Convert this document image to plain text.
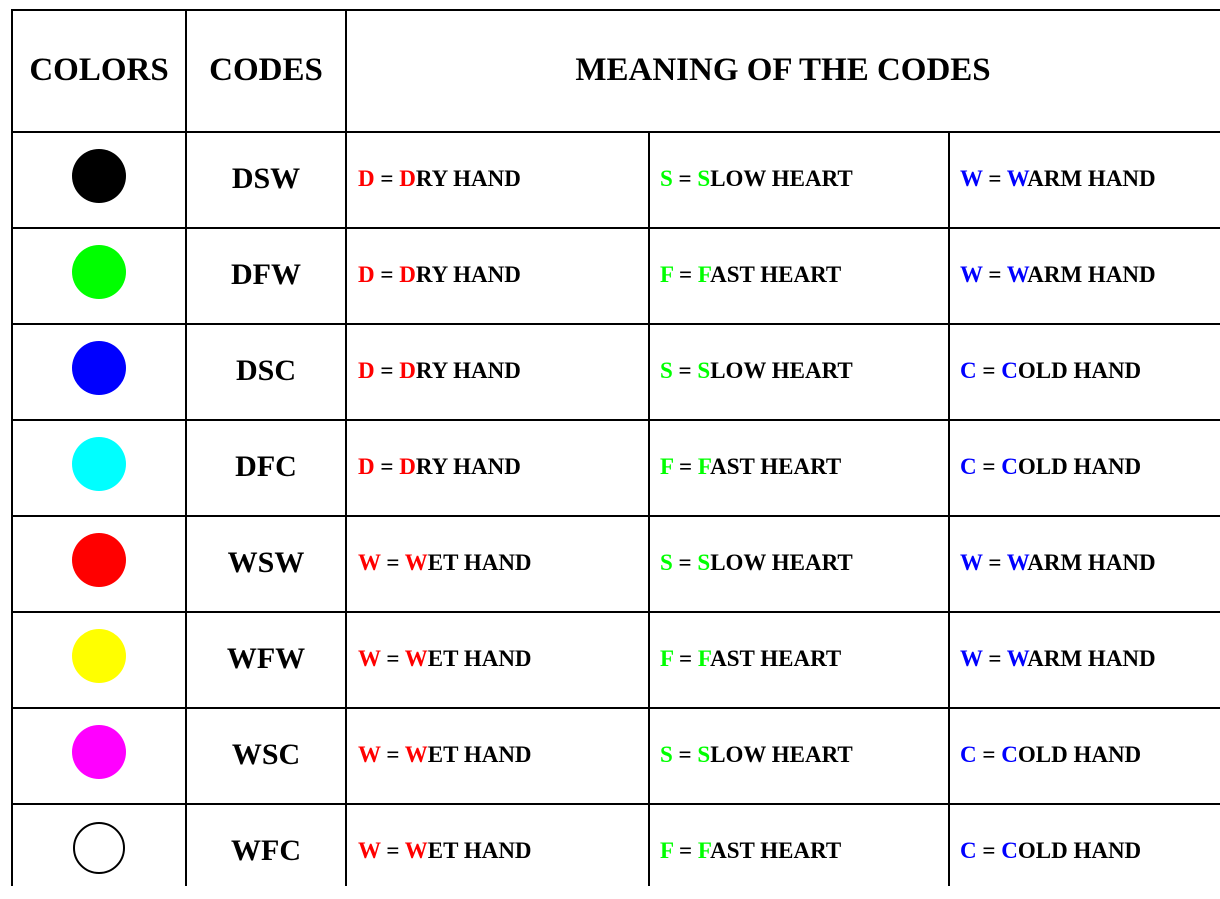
COLORS CODES	MEANING OF THE CODES
DSW	D = DRY HAND	S = SLOW HEART	W = WARM HAND
DFW D = DRY HAND	F = FAST HEART	W = WARM HAND
DSC	D = DRY HAND	S = SLOW HEART	C = COLD HAND
DFC	D = DRY HAND	F = FAST HEART	C = COLD HAND
WSW W = WET HAND	S = SLOW HEART	W = WARM HAND
WFW W = WET HAND	F = FAST HEART	W = WARM HAND
WSC	W = WET HAND	S = SLOW HEART	C = COLD HAND
WFC W = WET HAND	F = FAST HEART	C = COLD HAND
